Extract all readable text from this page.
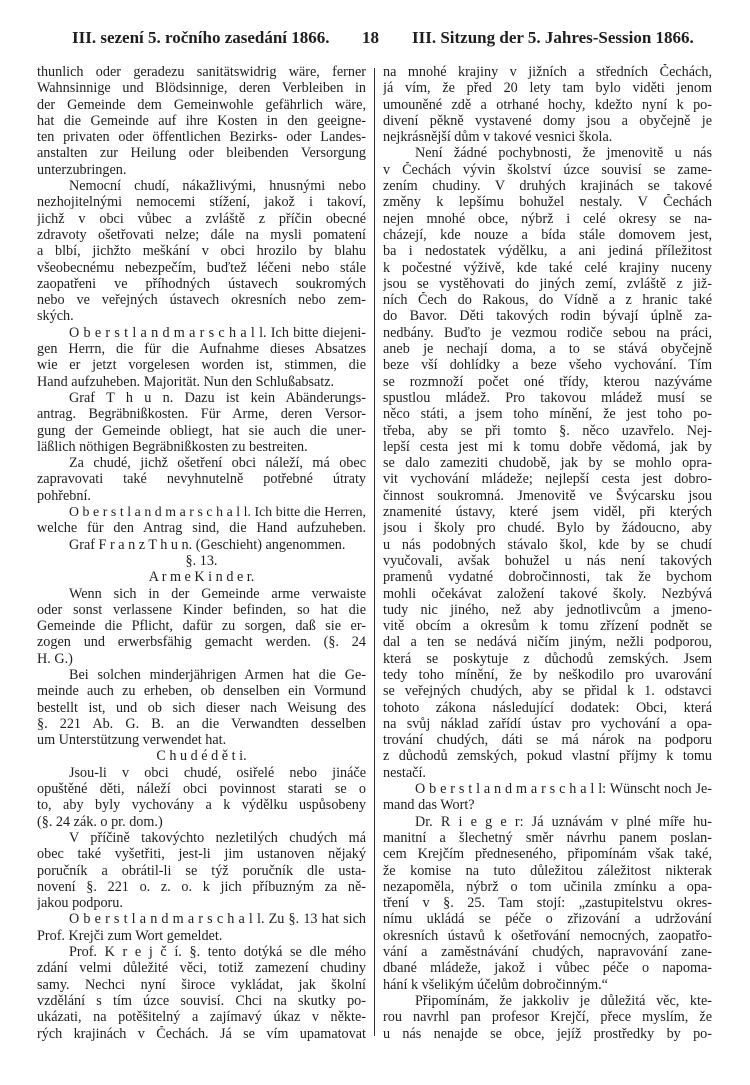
III. sezení 5. ročního zasedání 1866. 18 III. Sitzung der 5. Jahres-Session 1866.
thunlich oder geradezu sanitätswidrig wäre, ferner
Wahnsinnige und Blödsinnige, deren Verbleiben in
der Gemeinde dem Gemeinwohle gefährlich wäre,
hat die Gemeinde auf ihre Kosten in den geeigne-
ten privaten oder öffentlichen Bezirks- oder Landes-
anstalten zur Heilung oder bleibenden Versorgung
unterzubringen.
Nemocní chudí, nákažlivými, hnusnými nebo
nezhojitelnými nemocemi stížení, jakož i takoví,
jichž v obci vůbec a zvláště z příčin obecné
zdravoty ošetřovati nelze; dále na mysli pomatení
a blbí, jichžto meškání v obci hrozilo by blahu
všeobecnému nebezpečím, buďtež léčeni nebo stále
zaopatřeni ve příhodných ústavech soukromých
nebo ve veřejných ústavech okresních nebo zem-
ských.
O b e r s t l a n d m a r s c h a l l. Ich bitte diejeni-
gen Herrn, die für die Aufnahme dieses Absatzes
wie er jetzt vorgelesen worden ist, stimmen, die
Hand aufzuheben. Majorität. Nun den Schlußabsatz.
Graf T h u n. Dazu ist kein Abänderungs-
antrag. Begräbnißkosten. Für Arme, deren Versor-
gung der Gemeinde obliegt, hat sie auch die uner-
läßlich nöthigen Begräbnißkosten zu bestreiten.
Za chudé, jichž ošetření obci náleží, má obec
zapravovati také nevyhnutelně potřebné útraty
pohřební.
O b e r s t l a n d m a r s c h a l l. Ich bitte die Herren,
welche für den Antrag sind, die Hand aufzuheben.
Graf F r a n z T h u n. (Geschieht) angenommen.
§. 13.
A r m e K i n d e r.
Wenn sich in der Gemeinde arme verwaiste
oder sonst verlassene Kinder befinden, so hat die
Gemeinde die Pflicht, dafür zu sorgen, daß sie er-
zogen und erwerbsfähig gemacht werden. (§. 24
H. G.)
Bei solchen minderjährigen Armen hat die Ge-
meinde auch zu erheben, ob denselben ein Vormund
bestellt ist, und ob sich dieser nach Weisung des
§. 221 Ab. G. B. an die Verwandten desselben
um Unterstützung verwendet hat.
C h u d é d ě t i.
Jsou-li v obci chudé, osiřelé nebo jináče
opuštěné děti, náleží obci povinnost starati se o
to, aby byly vychovány a k výdělku uspůsobeny
(§. 24 zák. o pr. dom.)
V příčině takovýchto nezletilých chudých má
obec také vyšetřiti, jest-li jim ustanoven nějaký
poručník a obrátil-li se týž poručník dle usta-
novení §. 221 o. z. o. k jich příbuzným za ně-
jakou podporu.
O b e r s t l a n d m a r s c h a l l. Zu §. 13 hat sich
Prof. Krejči zum Wort gemeldet.
Prof. K r e j č í. §. tento dotýká se dle mého
zdání velmi důležité věci, totiž zamezení chudiny
samy. Nechci nyní široce vykládat, jak školní
vzdělání s tím úzce souvisí. Chci na skutky po-
ukázati, na potěšitelný a zajímavý úkaz v někte-
rých krajinách v Čechách. Já se vím upamatovat
na mnohé krajiny v jižních a středních Čechách,
já vím, že před 20 lety tam bylo viděti jenom
umouněné zdě a otrhané hochy, kdežto nyní k po-
divení pěkně vystavené domy jsou a obyčejně je
nejkrásnější dům v takové vesnici škola.
Není žádné pochybnosti, že jmenovitě u nás
v Čechách vývin školství úzce souvisí se zame-
zením chudiny. V druhých krajinách se takové
změny k lepšímu bohužel nestaly. V Čechách
nejen mnohé obce, nýbrž i celé okresy se na-
cházejí, kde nouze a bída stále domovem jest,
ba i nedostatek výdělku, a ani jediná příležitost
k počestné výživě, kde také celé krajiny nuceny
jsou se vystěhovati do jiných zemí, zvláště z již-
ních Čech do Rakous, do Vídně a z hranic také
do Bavor. Děti takových rodin bývají úplně za-
nedbány. Buďto je vezmou rodiče sebou na práci,
aneb je nechají doma, a to se stává obyčejně
beze vší dohlídky a beze všeho vychování. Tím
se rozmnoží počet oné třídy, kterou nazýváme
spustlou mládež. Pro takovou mládež musí se
něco státi, a jsem toho mínění, že jest toho po-
třeba, aby se při tomto §. něco uzavřelo. Nej-
lepší cesta jest mi k tomu dobře vědomá, jak by
se dalo zameziti chudobě, jak by se mohlo opra-
vit vychování mládeže; nejlepší cesta jest dobro-
činnost soukromná. Jmenovitě ve Švýcarsku jsou
znamenité ústavy, které jsem viděl, při kterých
jsou i školy pro chudé. Bylo by žádoucno, aby
u nás podobných stávalo škol, kde by se chudí
vyučovali, avšak bohužel u nás není takových
pramenů vydatné dobročinnosti, tak že bychom
mohli očekávat založení takové školy. Nezbývá
tudy nic jiného, než aby jednotlivcům a jmeno-
vitě obcím a okresům k tomu zřízení podnět se
dal a ten se nedává ničím jiným, nežli podporou,
která se poskytuje z důchodů zemských. Jsem
tedy toho mínění, že by neškodilo pro uvarování
se veřejných chudých, aby se přidal k 1. odstavci
tohoto zákona následující dodatek: Obci, která
na svůj náklad zařídí ústav pro vychování a opa-
trování chudých, dáti se má nárok na podporu
z důchodů zemských, pokud vlastní příjmy k tomu
nestačí.
O b e r s t l a n d m a r s c h a l l: Wünscht noch Je-
mand das Wort?
Dr. R i e g e r: Já uznávám v plné míře hu-
manitní a šlechetný směr návrhu panem poslan-
cem Krejčím předneseného, připomínám však také,
že komise na tuto důležitou záležitost nikterak
nezapoměla, nýbrž o tom učinila zmínku a opa-
tření v §. 25. Tam stojí: „zastupitelstvu okres-
nímu ukládá se péče o zřizování a udržování
okresních ústavů k ošetřování nemocných, zaopatřo-
vání a zaměstnávání chudých, napravování zane-
dbané mládeže, jakož i vůbec péče o napoma-
hání k všelikým účelům dobročinným.“
Připomínám, že jakkoliv je důležitá věc, kte-
rou navrhl pan profesor Krejčí, přece myslím, že
u nás nenajde se obce, jejíž prostředky by po-
